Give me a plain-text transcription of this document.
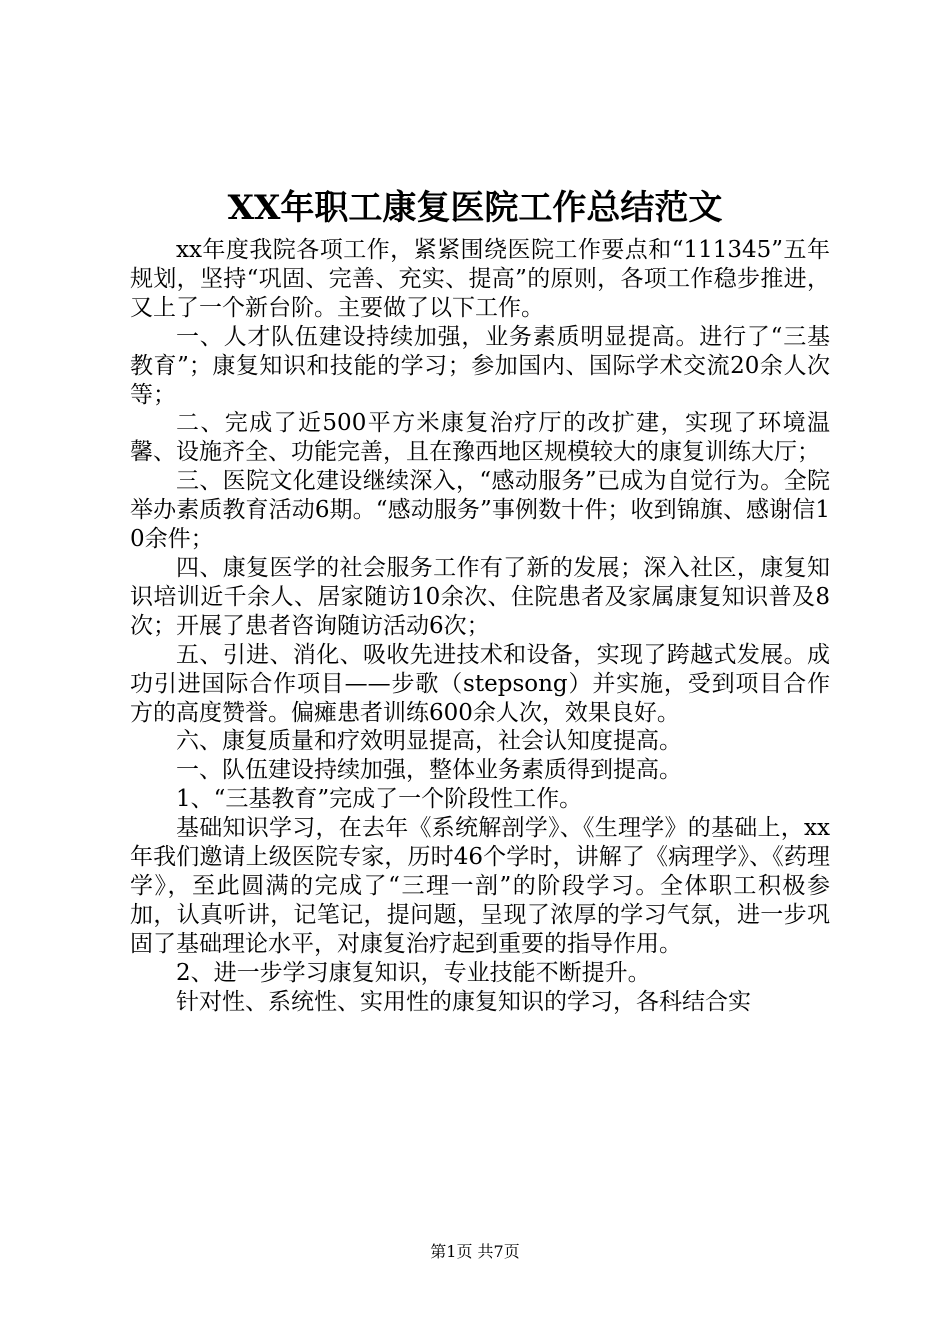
XX年职工康复医院工作总结范文

xx年度我院各项工作，紧紧围绕医院工作要点和“111345”五年规划，坚持“巩固、完善、充实、提高”的原则，各项工作稳步推进，又上了一个新台阶。主要做了以下工作。

一、人才队伍建设持续加强，业务素质明显提高。进行了“三基教育”；康复知识和技能的学习；参加国内、国际学术交流20余人次等；

二、完成了近500平方米康复治疗厅的改扩建，实现了环境温馨、设施齐全、功能完善，且在豫西地区规模较大的康复训练大厅；

三、医院文化建设继续深入，“感动服务”已成为自觉行为。全院举办素质教育活动6期。“感动服务”事例数十件；收到锦旗、感谢信10余件；

四、康复医学的社会服务工作有了新的发展；深入社区，康复知识培训近千余人、居家随访10余次、住院患者及家属康复知识普及8次；开展了患者咨询随访活动6次；

五、引进、消化、吸收先进技术和设备，实现了跨越式发展。成功引进国际合作项目——步歌（stepsong）并实施，受到项目合作方的高度赞誉。偏瘫患者训练600余人次，效果良好。

六、康复质量和疗效明显提高，社会认知度提高。

一、队伍建设持续加强，整体业务素质得到提高。

1、“三基教育”完成了一个阶段性工作。

基础知识学习，在去年《系统解剖学》、《生理学》的基础上，xx年我们邀请上级医院专家，历时46个学时，讲解了《病理学》、《药理学》，至此圆满的完成了“三理一剖”的阶段学习。全体职工积极参加，认真听讲，记笔记，提问题，呈现了浓厚的学习气氛，进一步巩固了基础理论水平，对康复治疗起到重要的指导作用。

2、进一步学习康复知识，专业技能不断提升。

针对性、系统性、实用性的康复知识的学习，各科结合实

第1页 共7页
